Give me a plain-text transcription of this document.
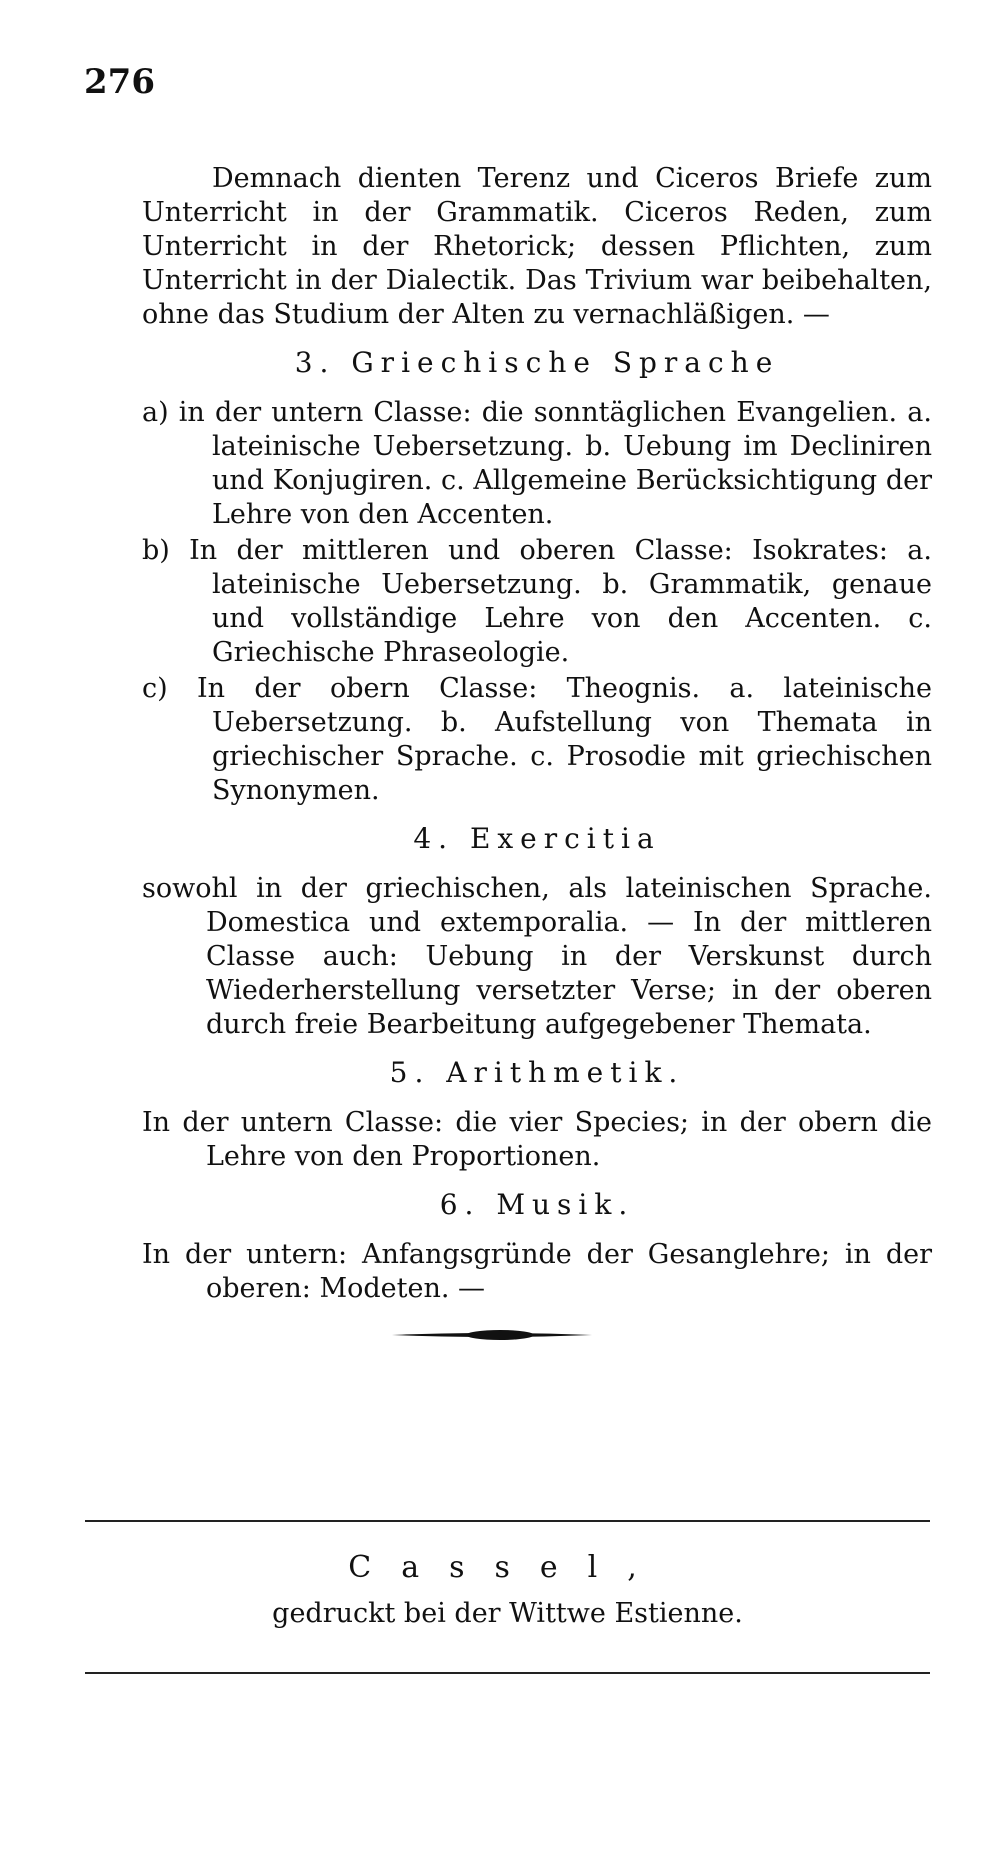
276

Demnach dienten Terenz und Ciceros Briefe zum Unterricht in der Grammatik. Ciceros Reden, zum Unterricht in der Rhetorick; dessen Pflichten, zum Unterricht in der Dialectik. Das Trivium war beibehalten, ohne das Studium der Alten zu vernachläßigen. —

3. Griechische Sprache

a) in der untern Classe: die sonntäglichen Evangelien. a. lateinische Uebersetzung. b. Uebung im Decliniren und Konjugiren. c. Allgemeine Berücksichtigung der Lehre von den Accenten.

b) In der mittleren und oberen Classe: Isokrates: a. lateinische Uebersetzung. b. Grammatik, genaue und vollständige Lehre von den Accenten. c. Griechische Phraseologie.

c) In der obern Classe: Theognis. a. lateinische Uebersetzung. b. Aufstellung von Themata in griechischer Sprache. c. Prosodie mit griechischen Synonymen.

4. Exercitia

sowohl in der griechischen, als lateinischen Sprache. Domestica und extemporalia. — In der mittleren Classe auch: Uebung in der Verskunst durch Wiederherstellung versetzter Verse; in der oberen durch freie Bearbeitung aufgegebener Themata.

5. Arithmetik.

In der untern Classe: die vier Species; in der obern die Lehre von den Proportionen.

6. Musik.

In der untern: Anfangsgründe der Gesanglehre; in der oberen: Modeten. —

Cassel,
gedruckt bei der Wittwe Estienne.
